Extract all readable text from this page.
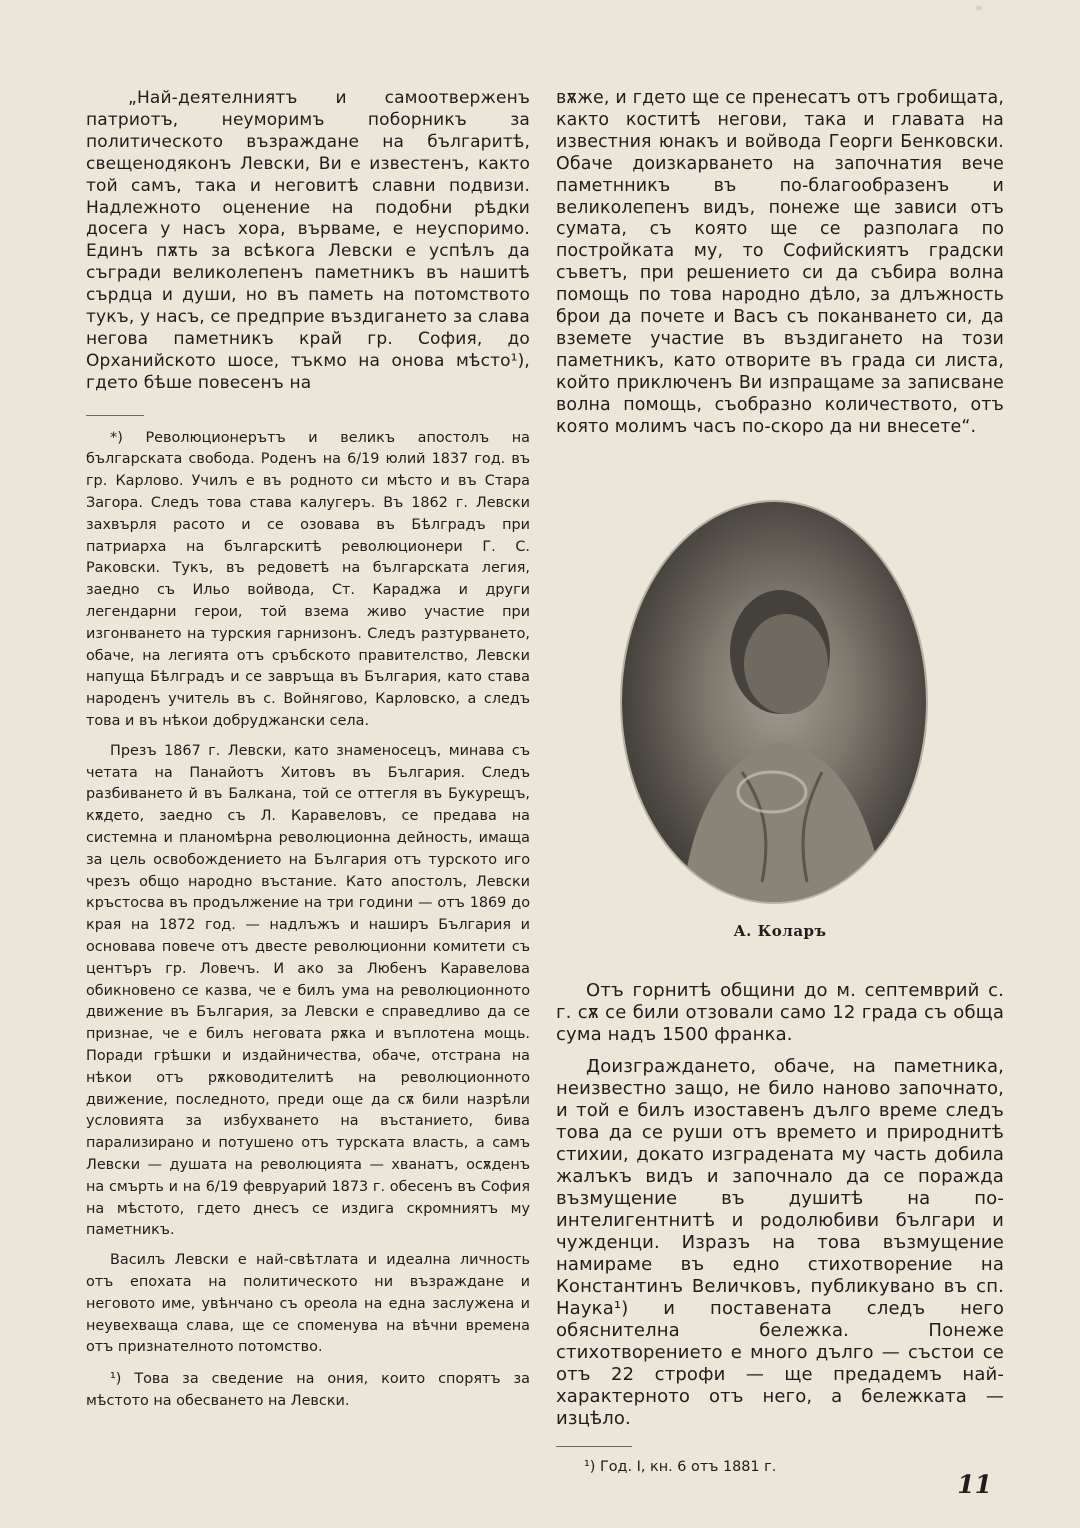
„Най-деятелниятъ и самоотверженъ патриотъ, неуморимъ поборникъ за политическото възраждане на българитѣ, свещенодяконъ Левски, Ви е известенъ, както той самъ, така и неговитѣ славни подвизи. Надлежното оценение на подобни рѣдки досега у насъ хора, вървамe, е неуспоримо. Единъ пѫть за всѣкога Левски е успѣлъ да съгради великолепенъ паметникъ въ нашитѣ сърдца и души, но въ паметь на потомството тукъ, у насъ, се предприе въздигането за слава негова паметникъ край гр. София, до Орханийското шосе, тъкмо на онова мѣсто¹), гдето бѣше повесенъ на

*) Революционерътъ и великъ апостолъ на българската свобода. Роденъ на 6/19 юлий 1837 год. въ гр. Карлово. Училъ е въ родното си мѣсто и въ Стара Загора. Следъ това става калугеръ. Въ 1862 г. Левски захвърля расото и се озовава въ Бѣлградъ при патриарха на българскитѣ революционери Г. С. Раковски. Тукъ, въ редоветѣ на българската легия, заедно съ Ильо войвода, Ст. Караджа и други легендарни герои, той взема живо участие при изгонването на турския гарнизонъ. Следъ разтурването, обаче, на легията отъ сръбското правителство, Левски напуща Бѣлградъ и се завръща въ България, като става народенъ учитель въ с. Войнягово, Карловско, а следъ това и въ нѣкои добруджански села.

Презъ 1867 г. Левски, като знаменосецъ, минава съ четата на Панайотъ Хитовъ въ България. Следъ разбиването й въ Балкана, той се оттегля въ Букурещъ, кѫдето, заедно съ Л. Каравеловъ, се предава на системна и планомѣрна революционна дейность, имаща за цель освобождението на България отъ турското иго чрезъ общо народно въстание. Като апостолъ, Левски кръстосва въ продължение на три години — отъ 1869 до края на 1872 год. — надлъжъ и наширъ България и основава повече отъ двесте революционни комитети съ центъръ гр. Ловечъ. И ако за Любенъ Каравелова обикновено се казва, че е билъ ума на революционното движение въ България, за Левски е справедливо да се признае, че е билъ неговата рѫка и въплотена мощь. Поради грѣшки и издайничества, обаче, отстрана на нѣкои отъ рѫководителитѣ на революционното движение, последното, преди още да сѫ били назрѣли условията за избухването на въстанието, бива парализирано и потушено отъ турската власть, а самъ Левски — душата на революцията — хванатъ, осѫденъ на смърть и на 6/19 февруарий 1873 г. обесенъ въ София на мѣстото, гдето днесъ се издига скромниятъ му паметникъ.

Василъ Левски е най-свѣтлата и идеална личность отъ епохата на политическото ни възраждане и неговото име, увѣнчано съ ореола на една заслужена и неувехваща слава, ще се споменува на вѣчни времена отъ признателното потомство.

¹) Това за сведение на ония, които спорятъ за мѣстото на обесването на Левски.

вѫже, и гдето ще се пренесатъ отъ гробищата, както коститѣ негови, така и главата на известния юнакъ и войвода Георги Бенковски. Обаче доизкарването на започнатия вече паметнникъ въ по-благообразенъ и великолепенъ видъ, понеже ще зависи отъ сумата, съ която ще се разполага по постройката му, то Софийскиятъ градски съветъ, при решението си да събира волна помощь по това народно дѣло, за длъжность брои да почете и Васъ съ поканването си, да вземете участие въ въздигането на този паметникъ, като отворите въ града си листа, който приключенъ Ви изпращаме за записване волна помощь, съобразно количеството, отъ която молимъ часъ по-скоро да ни внесете“.

А. Коларъ

Отъ горнитѣ общини до м. септемврий с. г. сѫ се били отзовали само 12 града съ обща сума надъ 1500 франка.

Доизграждането, обаче, на паметника, неизвестно защо, не било наново започнато, и той е билъ изоставенъ дълго време следъ това да се руши отъ времето и природнитѣ стихии, докато изградената му часть добила жалъкъ видъ и започнало да се поражда възмущение въ душитѣ на по-интелигентнитѣ и родолюбиви българи и чужденци. Изразъ на това възмущение намираме въ едно стихотворение на Константинъ Величковъ, публикувано въ сп. Наука¹) и поставената следъ него обяснителна бележка. Понеже стихотворението е много дълго — състои се отъ 22 строфи — ще предадемъ най-характерното отъ него, а бележката — изцѣло.

¹) Год. I, кн. 6 отъ 1881 г.

11
